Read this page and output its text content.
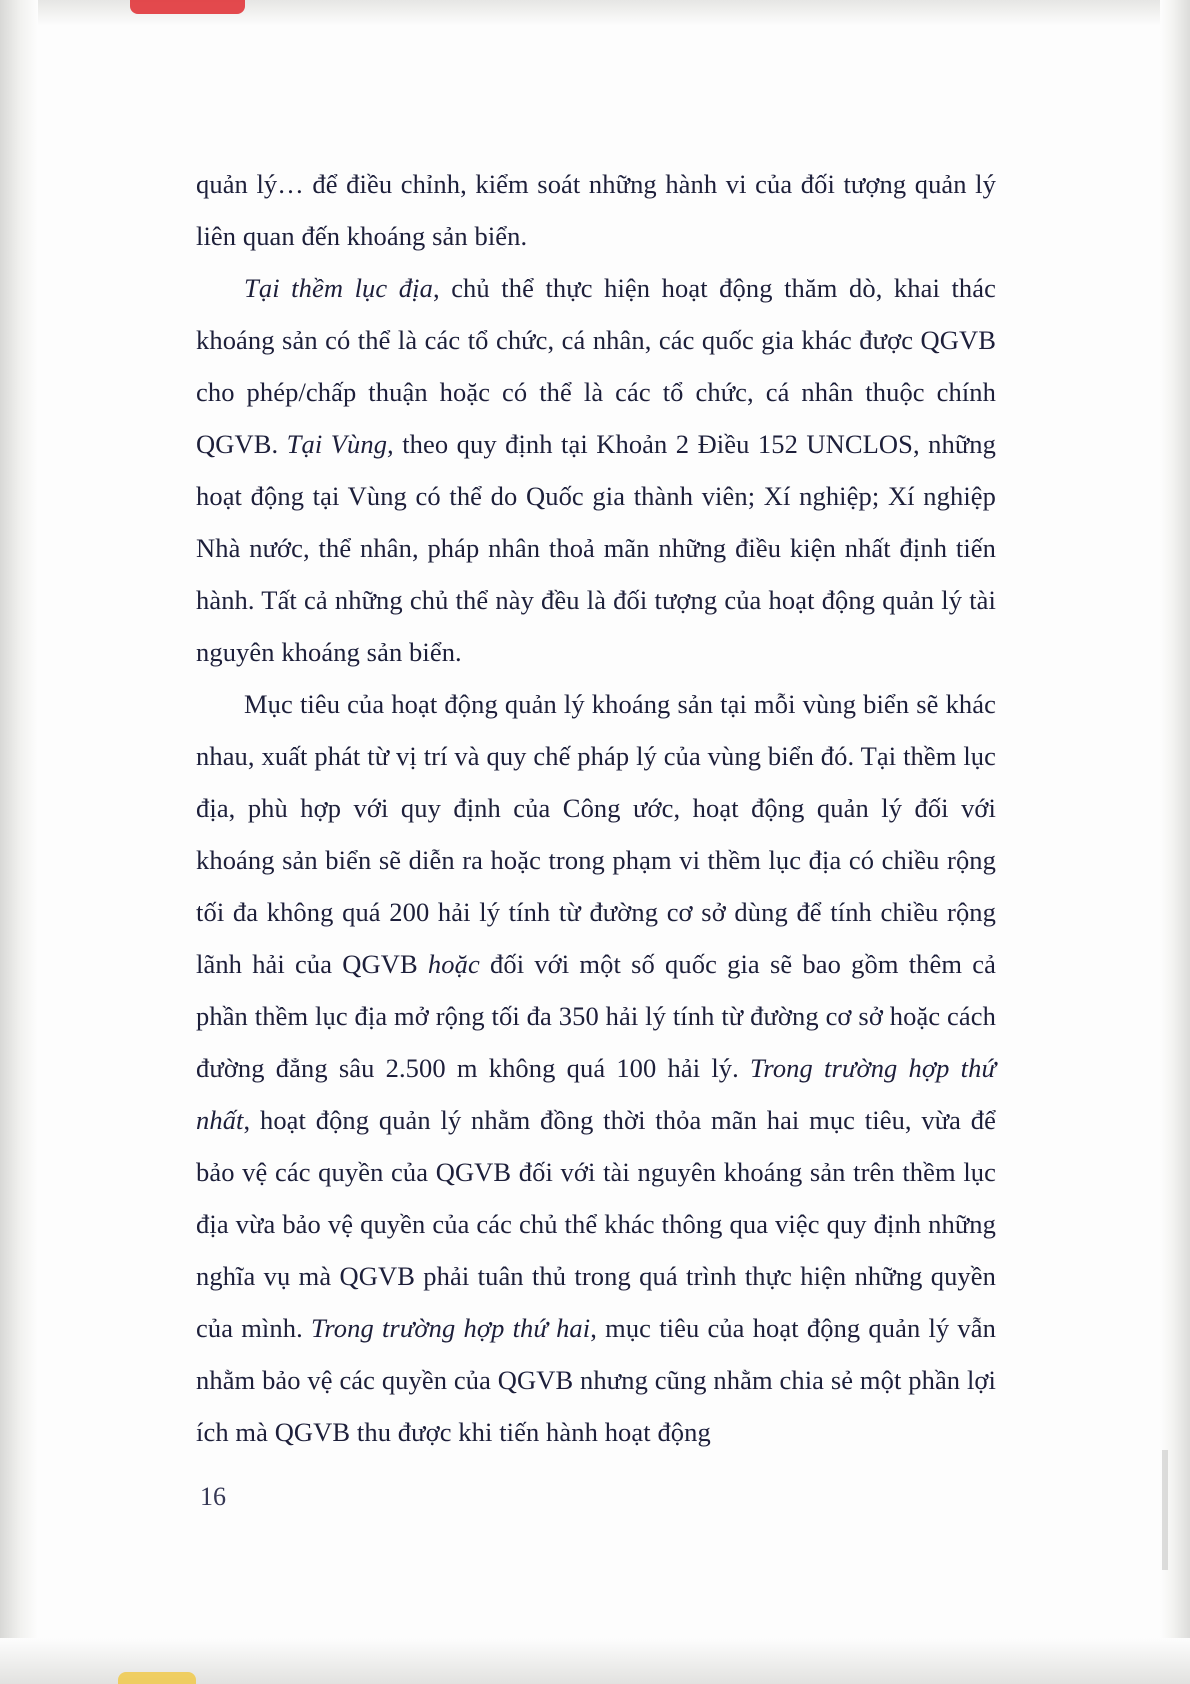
quản lý… để điều chỉnh, kiểm soát những hành vi của đối tượng quản lý liên quan đến khoáng sản biển.

Tại thềm lục địa, chủ thể thực hiện hoạt động thăm dò, khai thác khoáng sản có thể là các tổ chức, cá nhân, các quốc gia khác được QGVB cho phép/chấp thuận hoặc có thể là các tổ chức, cá nhân thuộc chính QGVB. Tại Vùng, theo quy định tại Khoản 2 Điều 152 UNCLOS, những hoạt động tại Vùng có thể do Quốc gia thành viên; Xí nghiệp; Xí nghiệp Nhà nước, thể nhân, pháp nhân thoả mãn những điều kiện nhất định tiến hành. Tất cả những chủ thể này đều là đối tượng của hoạt động quản lý tài nguyên khoáng sản biển.

Mục tiêu của hoạt động quản lý khoáng sản tại mỗi vùng biển sẽ khác nhau, xuất phát từ vị trí và quy chế pháp lý của vùng biển đó. Tại thềm lục địa, phù hợp với quy định của Công ước, hoạt động quản lý đối với khoáng sản biển sẽ diễn ra hoặc trong phạm vi thềm lục địa có chiều rộng tối đa không quá 200 hải lý tính từ đường cơ sở dùng để tính chiều rộng lãnh hải của QGVB hoặc đối với một số quốc gia sẽ bao gồm thêm cả phần thềm lục địa mở rộng tối đa 350 hải lý tính từ đường cơ sở hoặc cách đường đẳng sâu 2.500 m không quá 100 hải lý. Trong trường hợp thứ nhất, hoạt động quản lý nhằm đồng thời thỏa mãn hai mục tiêu, vừa để bảo vệ các quyền của QGVB đối với tài nguyên khoáng sản trên thềm lục địa vừa bảo vệ quyền của các chủ thể khác thông qua việc quy định những nghĩa vụ mà QGVB phải tuân thủ trong quá trình thực hiện những quyền của mình. Trong trường hợp thứ hai, mục tiêu của hoạt động quản lý vẫn nhằm bảo vệ các quyền của QGVB nhưng cũng nhằm chia sẻ một phần lợi ích mà QGVB thu được khi tiến hành hoạt động

16
